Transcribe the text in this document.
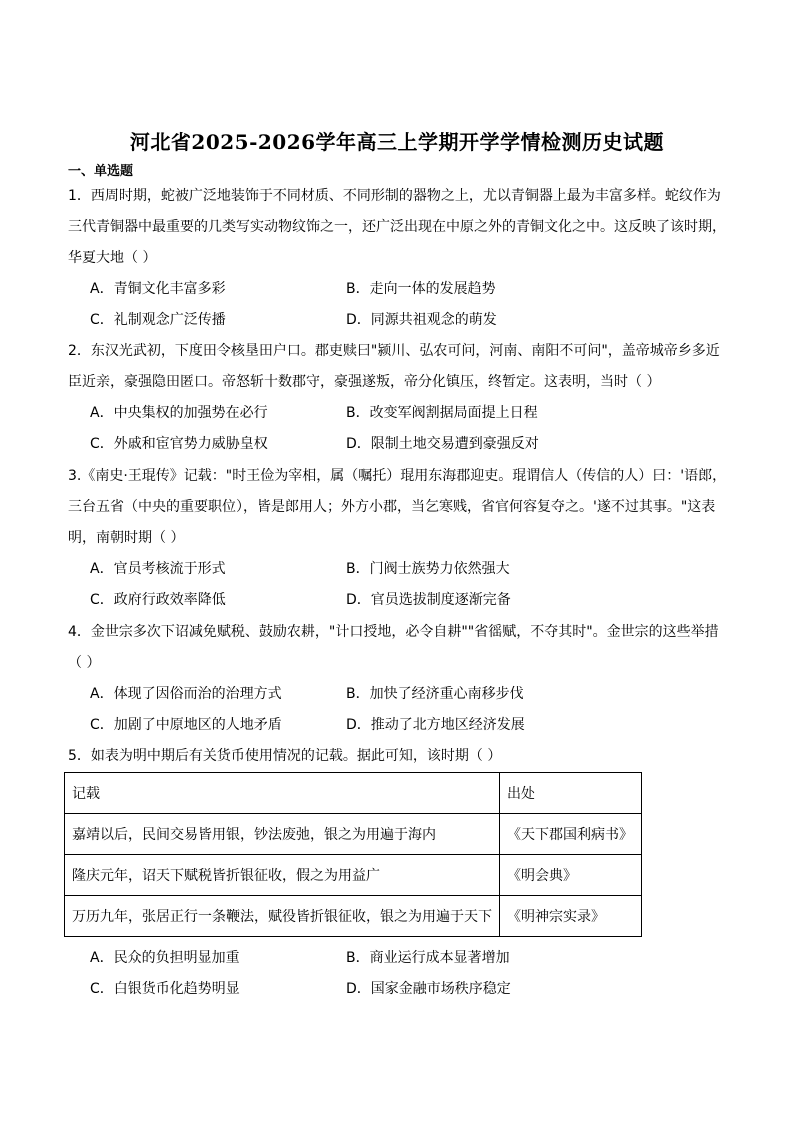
河北省2025-2026学年高三上学期开学学情检测历史试题
一、单选题
1．西周时期，蛇被广泛地装饰于不同材质、不同形制的器物之上，尤以青铜器上最为丰富多样。蛇纹作为
三代青铜器中最重要的几类写实动物纹饰之一，还广泛出现在中原之外的青铜文化之中。这反映了该时期，
华夏大地（ ）
A．青铜文化丰富多彩	B．走向一体的发展趋势
C．礼制观念广泛传播	D．同源共祖观念的萌发
2．东汉光武初，下度田令核垦田户口。郡吏赎曰"颍川、弘农可问，河南、南阳不可问"，盖帝城帝乡多近
臣近亲，豪强隐田匿口。帝怒斩十数郡守，豪强遂叛，帝分化镇压，终暂定。这表明，当时（ ）
A．中央集权的加强势在必行	B．改变军阀割据局面提上日程
C．外戚和宦官势力威胁皇权	D．限制土地交易遭到豪强反对
3.《南史·王琨传》记载："时王俭为宰相，属（嘱托）琨用东海郡迎吏。琨谓信人（传信的人）曰：'语郎，
三台五省（中央的重要职位），皆是郎用人；外方小郡，当乞寒贱，省官何容复夺之。'遂不过其事。"这表
明，南朝时期（ ）
A．官员考核流于形式	B．门阀士族势力依然强大
C．政府行政效率降低	D．官员选拔制度逐渐完备
4．金世宗多次下诏减免赋税、鼓励农耕，"计口授地，必令自耕""省徭赋，不夺其时"。金世宗的这些举措
（ ）
A．体现了因俗而治的治理方式	B．加快了经济重心南移步伐
C．加剧了中原地区的人地矛盾	D．推动了北方地区经济发展
5．如表为明中期后有关货币使用情况的记载。据此可知，该时期（ ）
记载	出处
嘉靖以后，民间交易皆用银，钞法废弛，银之为用遍于海内	《天下郡国利病书》
隆庆元年，诏天下赋税皆折银征收，假之为用益广	《明会典》
万历九年，张居正行一条鞭法，赋役皆折银征收，银之为用遍于天下	《明神宗实录》
A．民众的负担明显加重	B．商业运行成本显著增加
C．白银货币化趋势明显	D．国家金融市场秩序稳定
